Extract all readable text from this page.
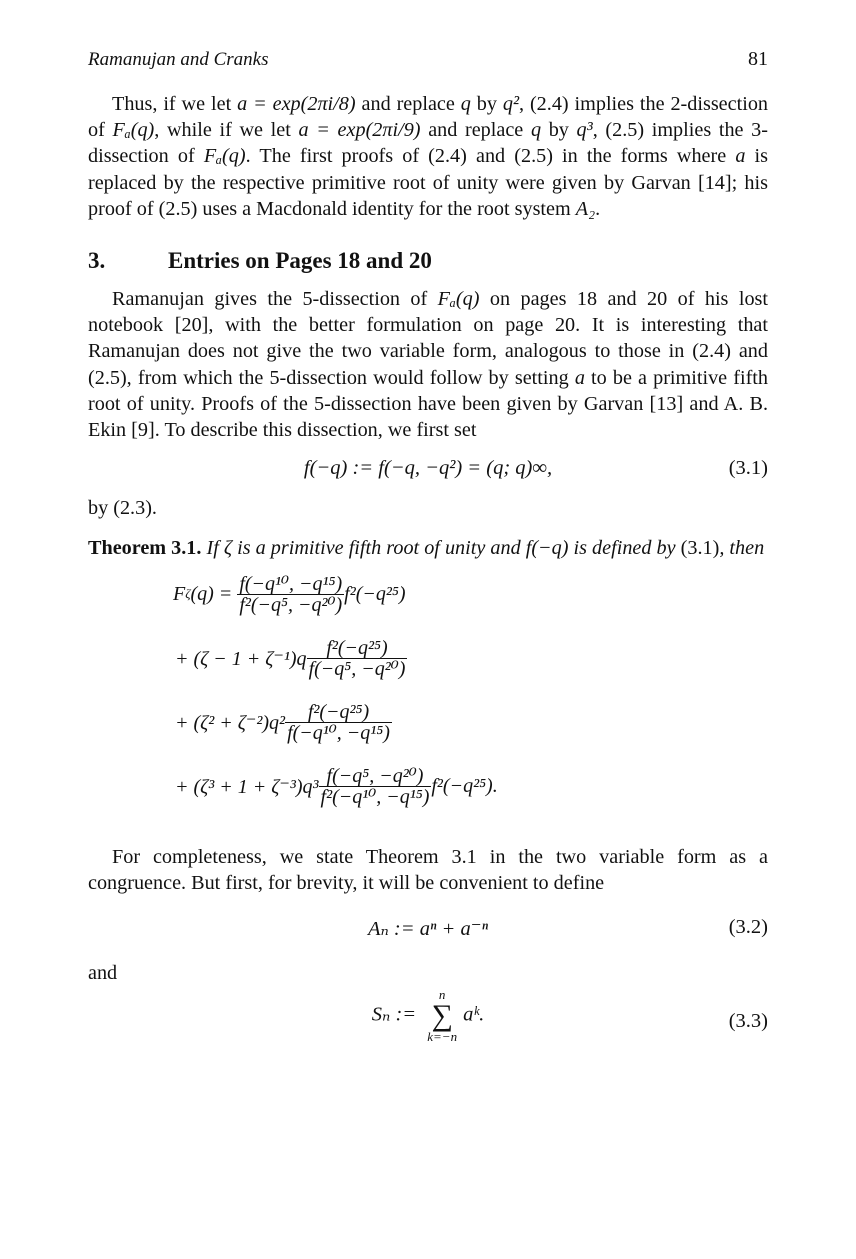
Ramanujan and Cranks	81

Thus, if we let a = exp(2πi/8) and replace q by q², (2.4) implies the 2-dissection of Fₐ(q), while if we let a = exp(2πi/9) and replace q by q³, (2.5) implies the 3-dissection of Fₐ(q). The first proofs of (2.4) and (2.5) in the forms where a is replaced by the respective primitive root of unity were given by Garvan [14]; his proof of (2.5) uses a Macdonald identity for the root system A₂.

3.	Entries on Pages 18 and 20

Ramanujan gives the 5-dissection of Fₐ(q) on pages 18 and 20 of his lost notebook [20], with the better formulation on page 20. It is interesting that Ramanujan does not give the two variable form, analogous to those in (2.4) and (2.5), from which the 5-dissection would follow by setting a to be a primitive fifth root of unity. Proofs of the 5-dissection have been given by Garvan [13] and A. B. Ekin [9]. To describe this dissection, we first set

f(−q) := f(−q, −q²) = (q; q)∞,	(3.1)

by (2.3).

Theorem 3.1. If ζ is a primitive fifth root of unity and f(−q) is defined by (3.1), then

F ζ $(q) = \frac{\text{f(−q¹⁰, −q¹⁵)}}{\text{f²(−q⁵, −q²⁰)}} f^2(-q^{25})$
+ $(\zeta - 1 + \zeta^{-1})q \frac{\text{f²(−q²⁵)}}{\text{f(−q⁵, −q²⁰)}}$
+ $(\zeta^2 + \zeta^{-2})q^2 \frac{\text{f²(−q²⁵)}}{\text{f(−q¹⁰, −q¹⁵)}}$
+ $(\zeta^3 + 1 + \zeta^{-3})q^3 \frac{\text{f(−q⁵, −q²⁰)}}{\text{f²(−q¹⁰, −q¹⁵)}} f^2(-q^{25})$.

For completeness, we state Theorem 3.1 in the two variable form as a congruence. But first, for brevity, it will be convenient to define

Aₙ := aⁿ + a⁻ⁿ	(3.2)

and

Sₙ :=
n
∑
k=−n
aᵏ.	(3.3)
